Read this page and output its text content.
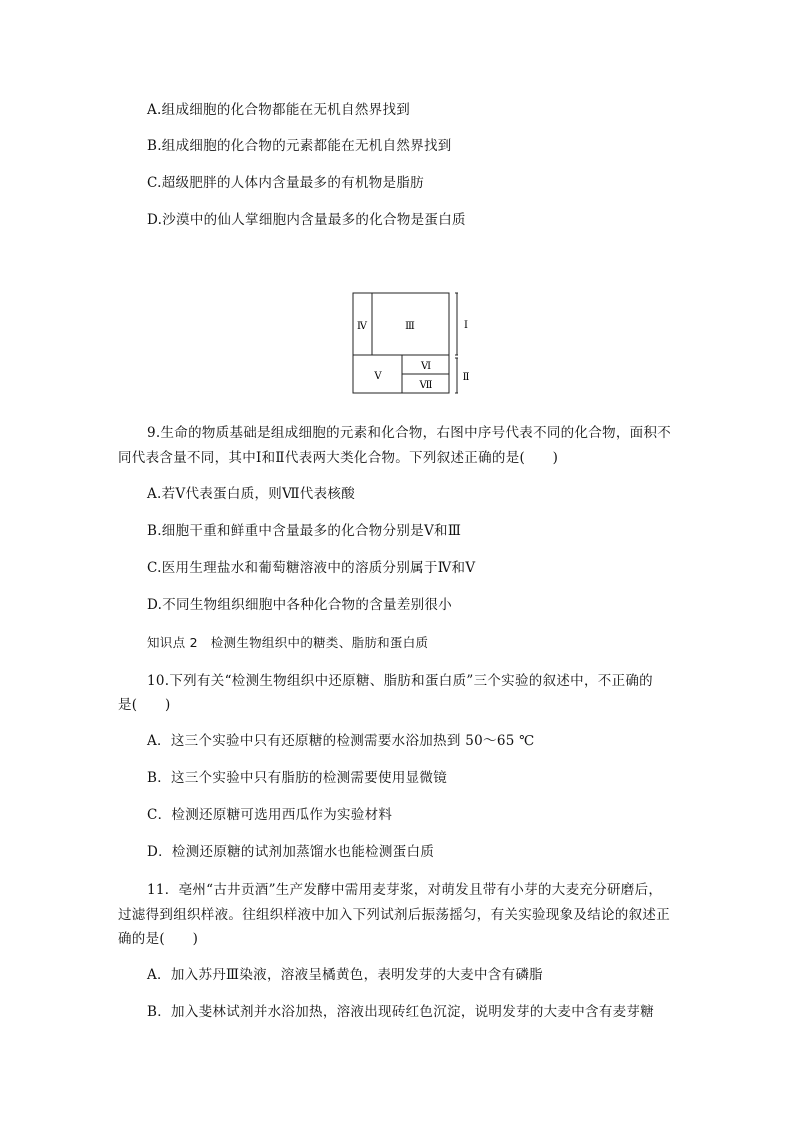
A.组成细胞的化合物都能在无机自然界找到
B.组成细胞的化合物的元素都能在无机自然界找到
C.超级肥胖的人体内含量最多的有机物是脂肪
D.沙漠中的仙人掌细胞内含量最多的化合物是蛋白质
Ⅳ	Ⅲ
Ⅴ
Ⅵ
Ⅶ
Ⅰ
Ⅱ
9.生命的物质基础是组成细胞的元素和化合物，右图中序号代表不同的化合物，面积不
同代表含量不同，其中Ⅰ和Ⅱ代表两大类化合物。下列叙述正确的是(　　)
A.若Ⅴ代表蛋白质，则Ⅶ代表核酸
B.细胞干重和鲜重中含量最多的化合物分别是Ⅴ和Ⅲ
C.医用生理盐水和葡萄糖溶液中的溶质分别属于Ⅳ和Ⅴ
D.不同生物组织细胞中各种化合物的含量差别很小
知识点 2　检测生物组织中的糖类、脂肪和蛋白质
10.下列有关“检测生物组织中还原糖、脂肪和蛋白质”三个实验的叙述中，不正确的
是(　　)
A．这三个实验中只有还原糖的检测需要水浴加热到 50～65 ℃
B．这三个实验中只有脂肪的检测需要使用显微镜
C．检测还原糖可选用西瓜作为实验材料
D．检测还原糖的试剂加蒸馏水也能检测蛋白质
11．亳州“古井贡酒”生产发酵中需用麦芽浆，对萌发且带有小芽的大麦充分研磨后，
过滤得到组织样液。往组织样液中加入下列试剂后振荡摇匀，有关实验现象及结论的叙述正
确的是(　　)
A．加入苏丹Ⅲ染液，溶液呈橘黄色，表明发芽的大麦中含有磷脂
B．加入斐林试剂并水浴加热，溶液出现砖红色沉淀，说明发芽的大麦中含有麦芽糖
